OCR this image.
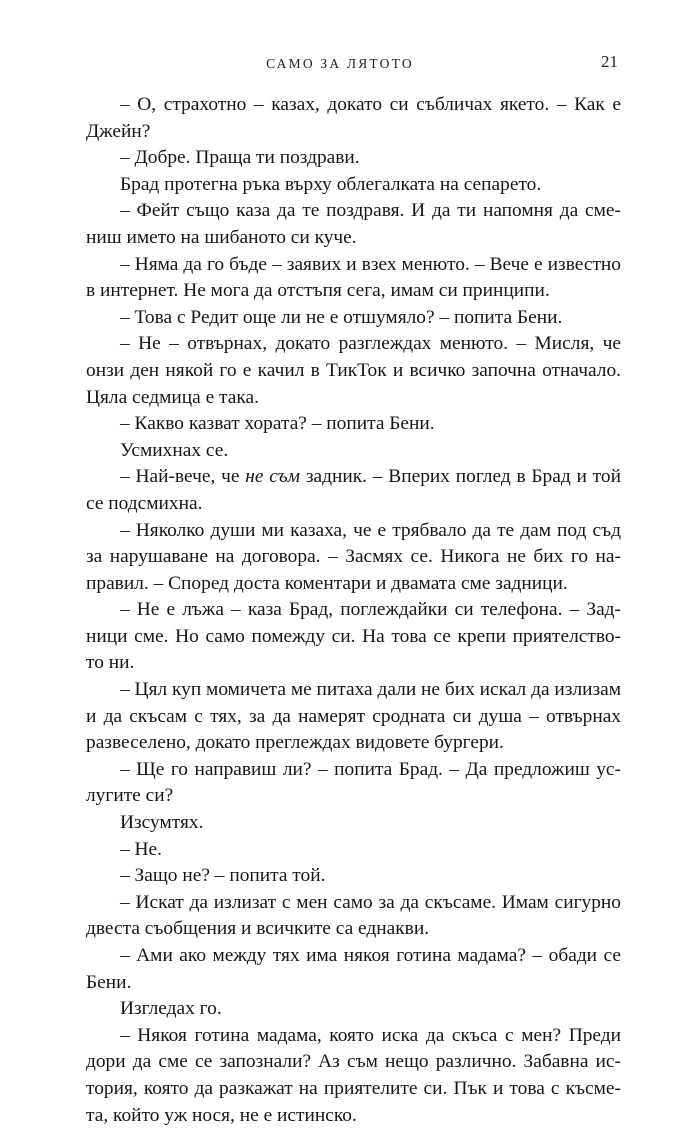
САМО ЗА ЛЯТОТО	21
– О, страхотно – казах, докато си събличах якето. – Как е
Джейн?
– Добре. Праща ти поздрави.
Брад протегна ръка върху облегалката на сепарето.
– Фейт също каза да те поздравя. И да ти напомня да сме-
ниш името на шибаното си куче.
– Няма да го бъде – заявих и взех менюто. – Вече е известно
в интернет. Не мога да отстъпя сега, имам си принципи.
– Това с Редит още ли не е отшумяло? – попита Бени.
– Не – отвърнах, докато разглеждах менюто. – Мисля, че
онзи ден някой го е качил в ТикТок и всичко започна отначало.
Цяла седмица е така.
– Какво казват хората? – попита Бени.
Усмихнах се.
– Най-вече, че не съм задник. – Вперих поглед в Брад и той
се подсмихна.
– Няколко души ми казаха, че е трябвало да те дам под съд
за нарушаване на договора. – Засмях се. Никога не бих го на-
правил. – Според доста коментари и двамата сме задници.
– Не е лъжа – каза Брад, поглеждайки си телефона. – Зад-
ници сме. Но само помежду си. На това се крепи приятелство-
то ни.
– Цял куп момичета ме питаха дали не бих искал да излизам
и да скъсам с тях, за да намерят сродната си душа – отвърнах
развеселено, докато преглеждах видовете бургери.
– Ще го направиш ли? – попита Брад. – Да предложиш ус-
лугите си?
Изсумтях.
– Не.
– Защо не? – попита той.
– Искат да излизат с мен само за да скъсаме. Имам сигурно
двеста съобщения и всичките са еднакви.
– Ами ако между тях има някоя готина мадама? – обади се
Бени.
Изгледах го.
– Някоя готина мадама, която иска да скъса с мен? Преди
дори да сме се запознали? Аз съм нещо различно. Забавна ис-
тория, която да разкажат на приятелите си. Пък и това с късме-
та, който уж нося, не е истинско.
